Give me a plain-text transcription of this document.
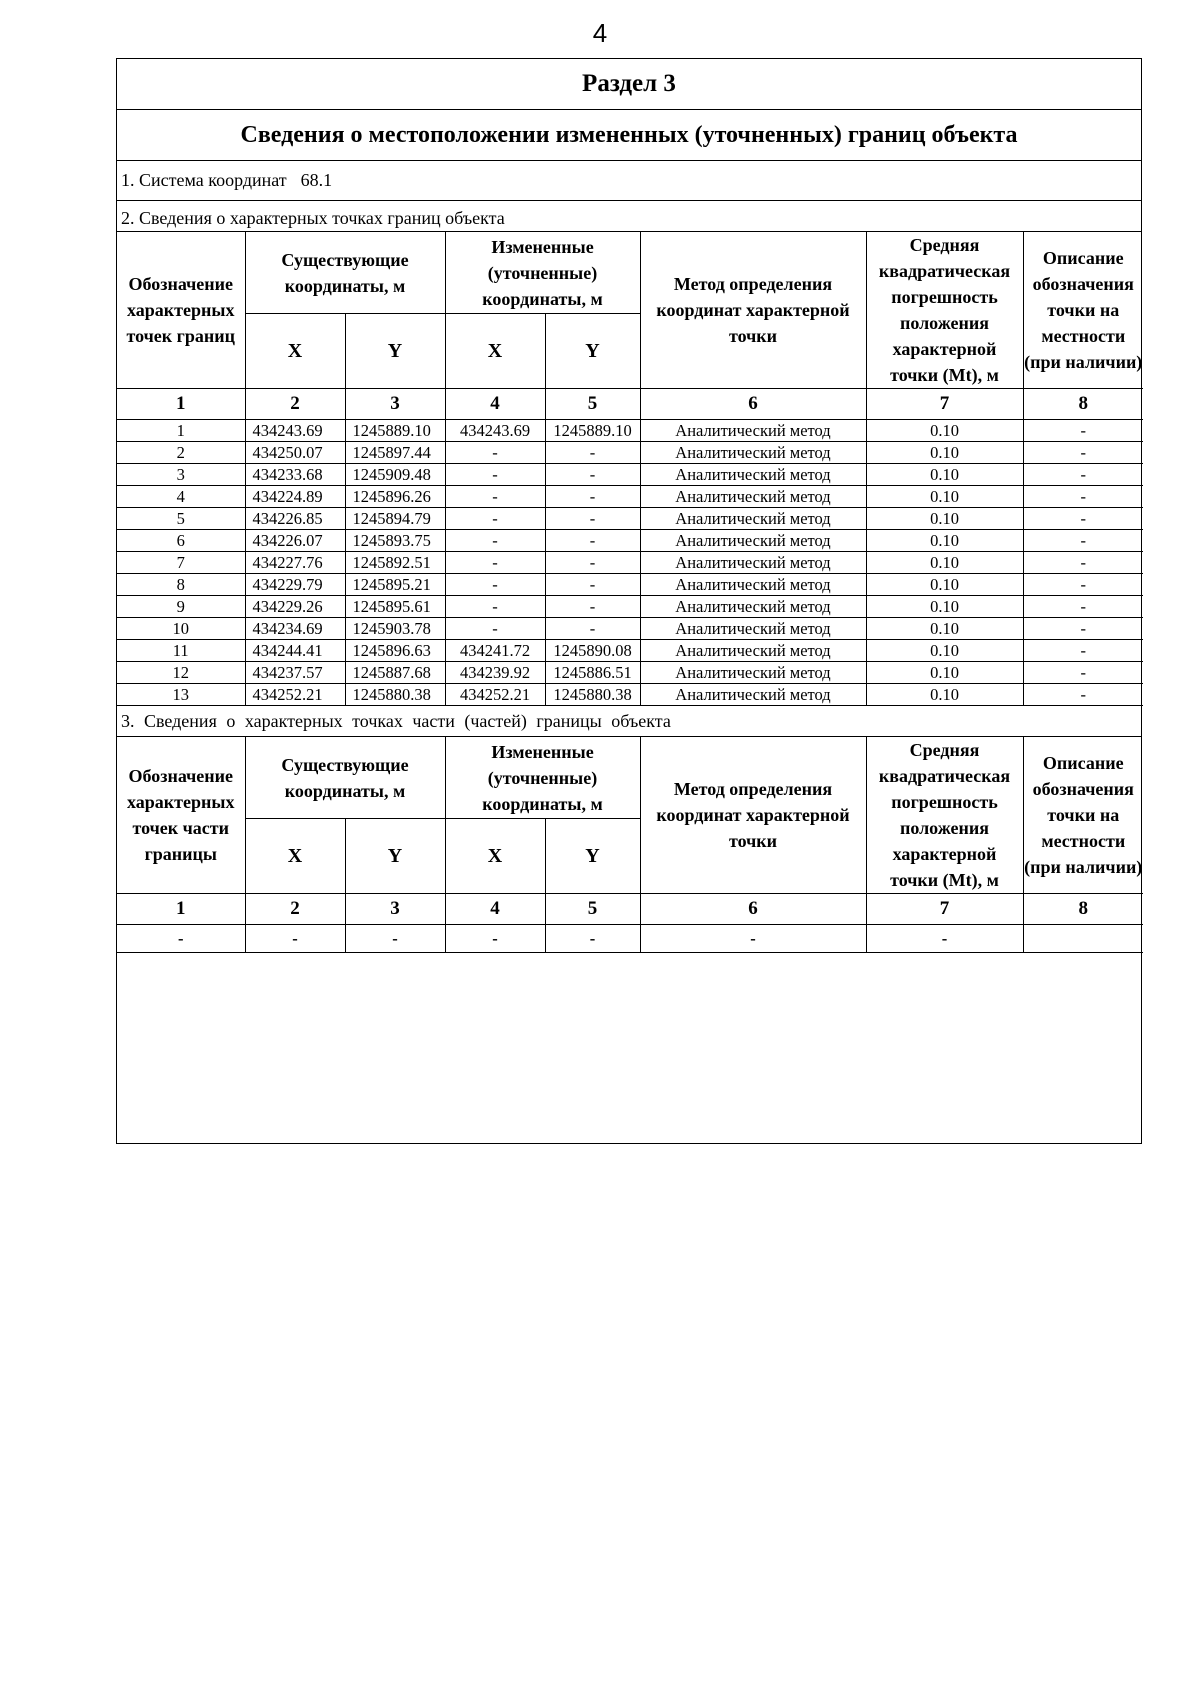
4
Раздел 3
Сведения о местоположении измененных (уточненных) границ объекта
1. Система координат 68.1
2. Сведения о характерных точках границ объекта
Обозначение характерных точек границ	Существующие координаты, м		Измененные (уточненные) координаты, м		Метод определения координат характерной точки	Средняя квадратическая погрешность положения характерной точки (Mt), м	Описание обозначения точки на местности (при наличии)
	X	Y	X	Y			
1	2	3	4	5	6	7	8
1	434243.69	1245889.10	434243.69	1245889.10	Аналитический метод	0.10	-
2	434250.07	1245897.44	-	-	Аналитический метод	0.10	-
3	434233.68	1245909.48	-	-	Аналитический метод	0.10	-
4	434224.89	1245896.26	-	-	Аналитический метод	0.10	-
5	434226.85	1245894.79	-	-	Аналитический метод	0.10	-
6	434226.07	1245893.75	-	-	Аналитический метод	0.10	-
7	434227.76	1245892.51	-	-	Аналитический метод	0.10	-
8	434229.79	1245895.21	-	-	Аналитический метод	0.10	-
9	434229.26	1245895.61	-	-	Аналитический метод	0.10	-
10	434234.69	1245903.78	-	-	Аналитический метод	0.10	-
11	434244.41	1245896.63	434241.72	1245890.08	Аналитический метод	0.10	-
12	434237.57	1245887.68	434239.92	1245886.51	Аналитический метод	0.10	-
13	434252.21	1245880.38	434252.21	1245880.38	Аналитический метод	0.10	-
3. Сведения о характерных точках части (частей) границы объекта
Обозначение характерных точек части границы	Существующие координаты, м		Измененные (уточненные) координаты, м		Метод определения координат характерной точки	Средняя квадратическая погрешность положения характерной точки (Mt), м	Описание обозначения точки на местности (при наличии)
	X	Y	X	Y			
1	2	3	4	5	6	7	8
-	-	-	-	-	-	-	
